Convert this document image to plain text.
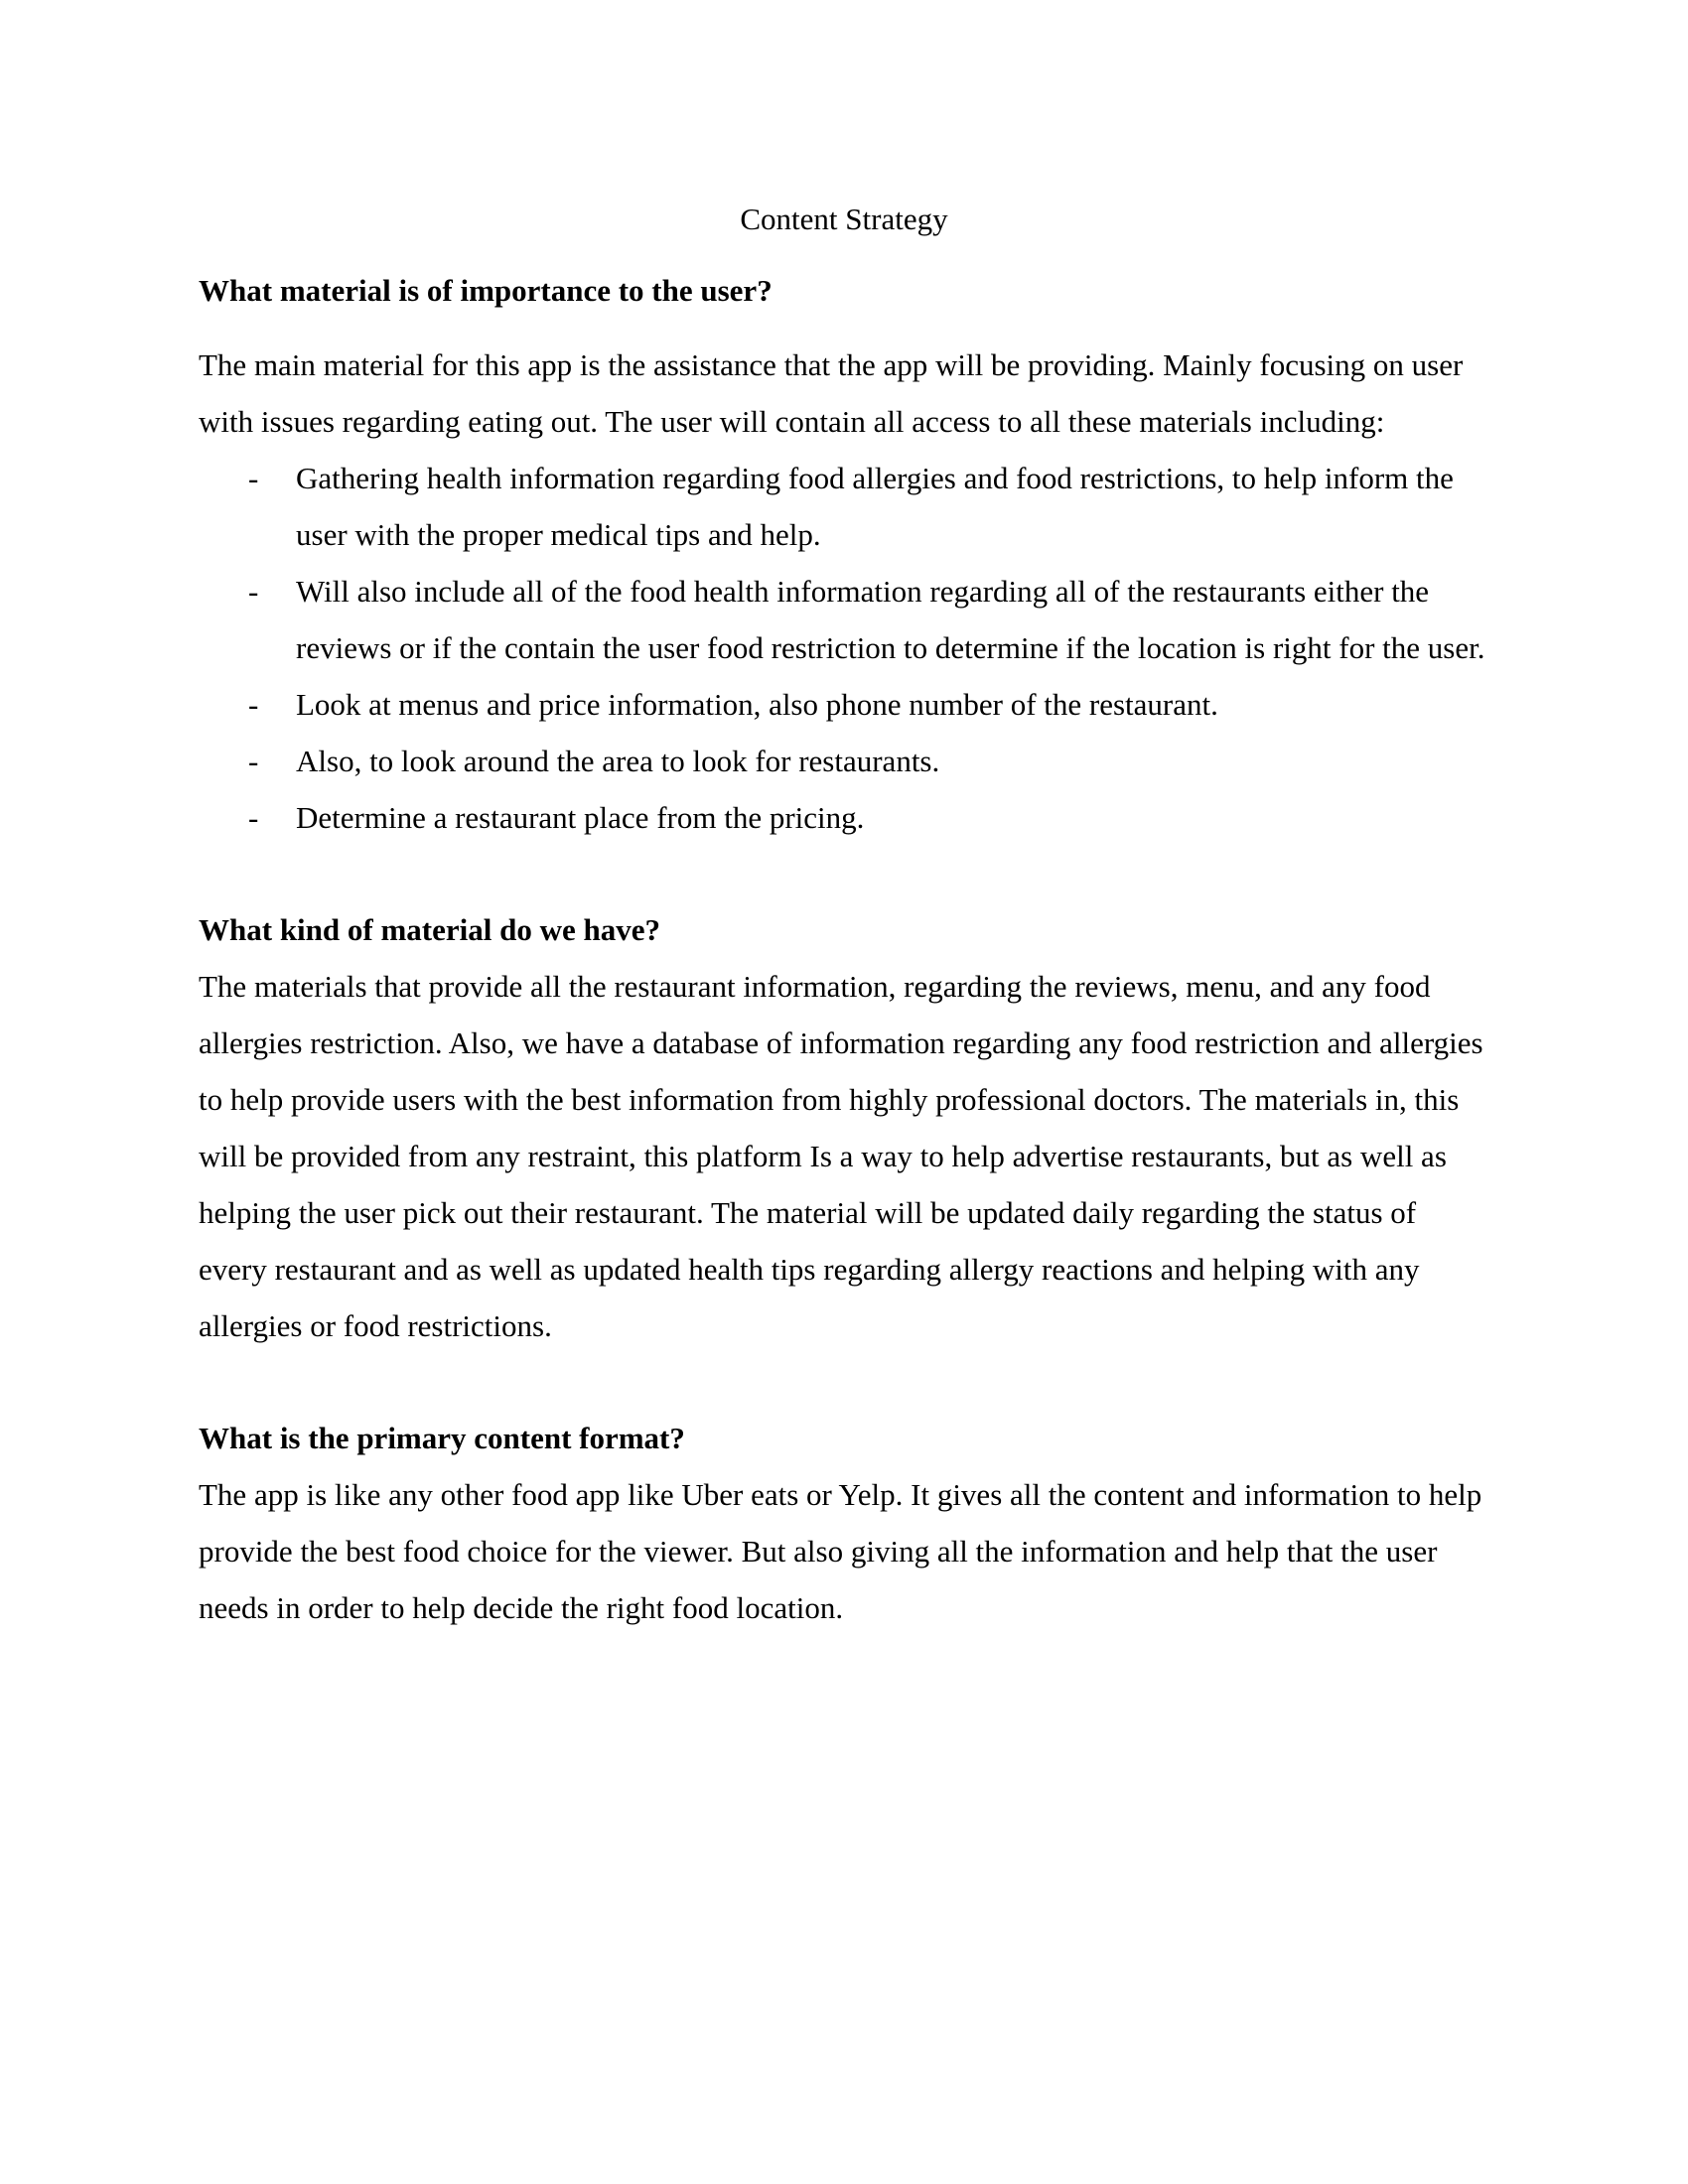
Content Strategy
What material is of importance to the user?

The main material for this app is the assistance that the app will be providing. Mainly focusing on user with issues regarding eating out. The user will contain all access to all these materials including:

- Gathering health information regarding food allergies and food restrictions, to help inform the user with the proper medical tips and help.
- Will also include all of the food health information regarding all of the restaurants either the reviews or if the contain the user food restriction to determine if the location is right for the user.
- Look at menus and price information, also phone number of the restaurant.
- Also, to look around the area to look for restaurants.
- Determine a restaurant place from the pricing.
What kind of material do we have?

The materials that provide all the restaurant information, regarding the reviews, menu, and any food allergies restriction. Also, we have a database of information regarding any food restriction and allergies to help provide users with the best information from highly professional doctors. The materials in, this will be provided from any restraint, this platform Is a way to help advertise restaurants, but as well as helping the user pick out their restaurant. The material will be updated daily regarding the status of every restaurant and as well as updated health tips regarding allergy reactions and helping with any allergies or food restrictions.

What is the primary content format?

The app is like any other food app like Uber eats or Yelp. It gives all the content and information to help provide the best food choice for the viewer. But also giving all the information and help that the user needs in order to help decide the right food location.
